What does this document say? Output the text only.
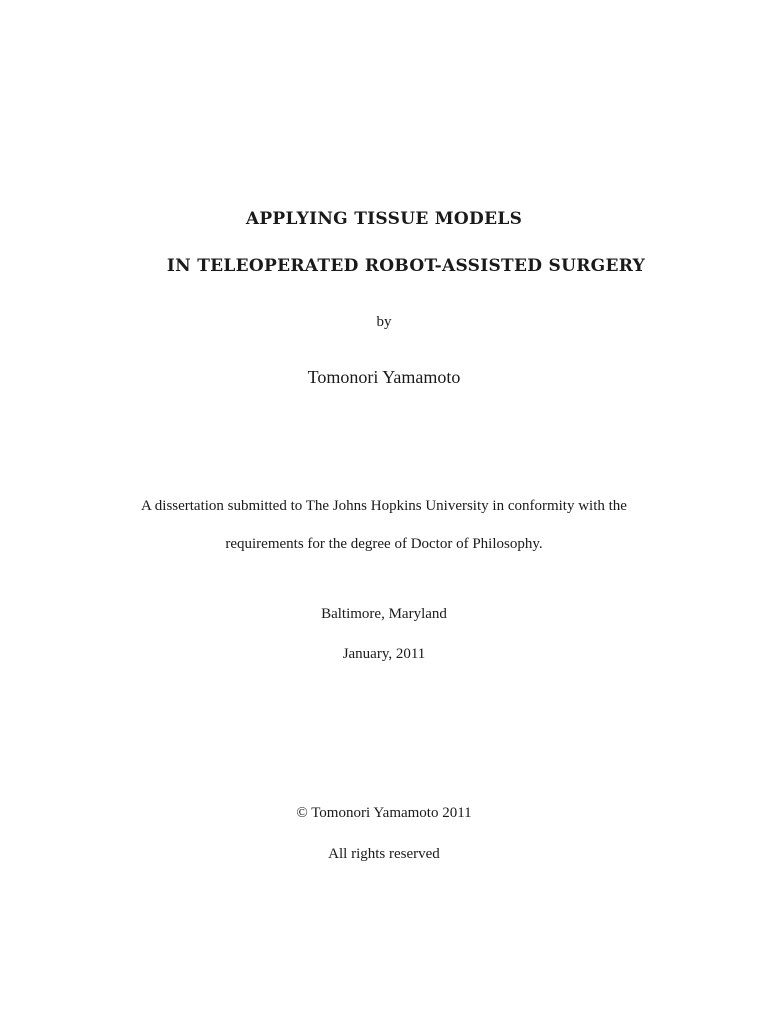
APPLYING TISSUE MODELS
IN TELEOPERATED ROBOT-ASSISTED SURGERY
by
Tomonori Yamamoto
A dissertation submitted to The Johns Hopkins University in conformity with the
requirements for the degree of Doctor of Philosophy.
Baltimore, Maryland
January, 2011
© Tomonori Yamamoto 2011
All rights reserved
